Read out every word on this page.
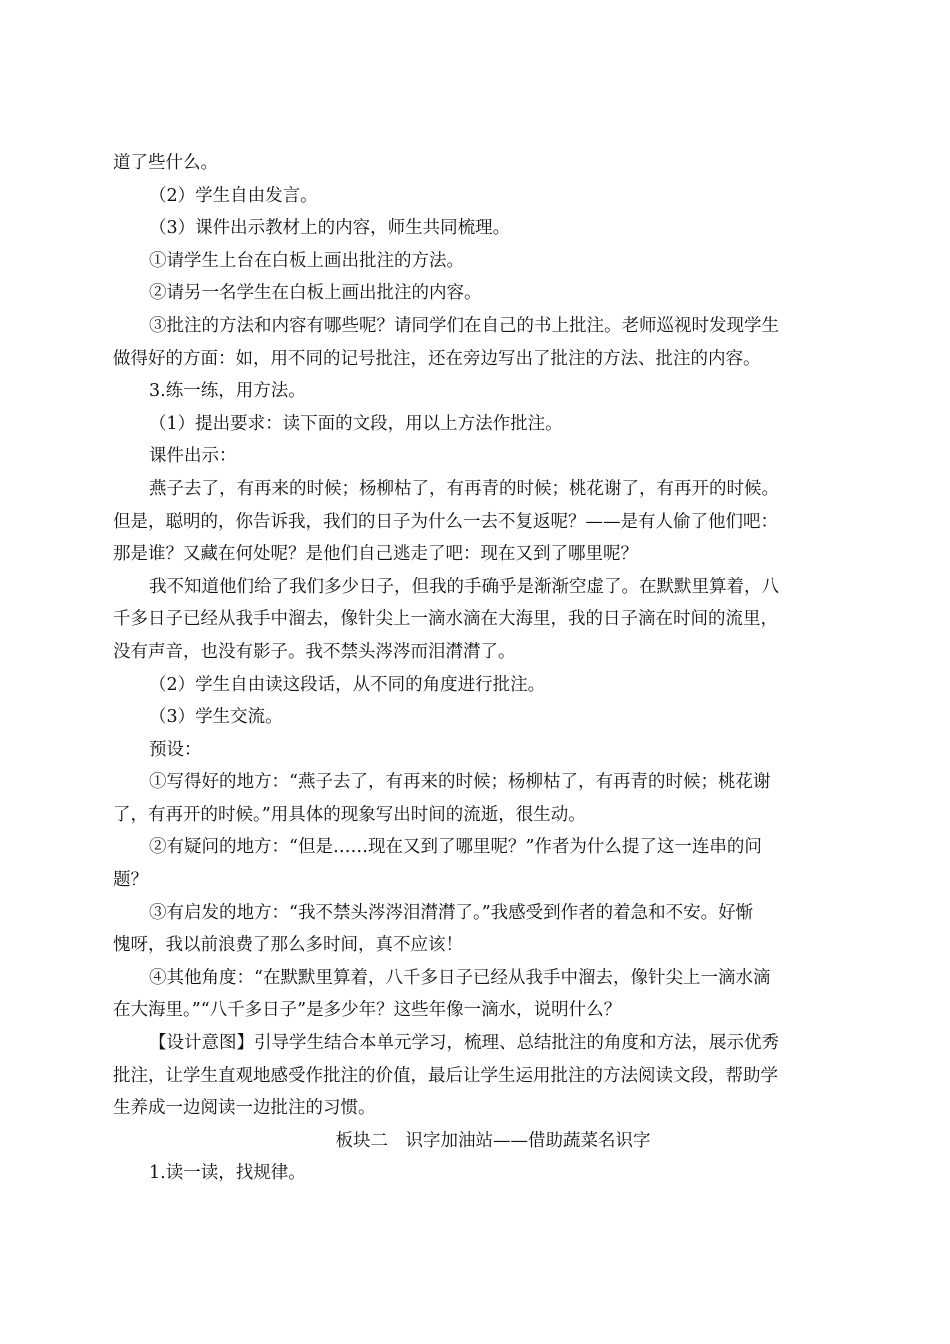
道了些什么。
（2）学生自由发言。
（3）课件出示教材上的内容，师生共同梳理。
①请学生上台在白板上画出批注的方法。
②请另一名学生在白板上画出批注的内容。
③批注的方法和内容有哪些呢？请同学们在自己的书上批注。老师巡视时发现学生
做得好的方面：如，用不同的记号批注，还在旁边写出了批注的方法、批注的内容。
3.练一练，用方法。
（1）提出要求：读下面的文段，用以上方法作批注。
课件出示：
燕子去了，有再来的时候；杨柳枯了，有再青的时候；桃花谢了，有再开的时候。
但是，聪明的，你告诉我，我们的日子为什么一去不复返呢？——是有人偷了他们吧：
那是谁？又藏在何处呢？是他们自己逃走了吧：现在又到了哪里呢？
我不知道他们给了我们多少日子，但我的手确乎是渐渐空虚了。在默默里算着，八
千多日子已经从我手中溜去，像针尖上一滴水滴在大海里，我的日子滴在时间的流里，
没有声音，也没有影子。我不禁头涔涔而泪潸潸了。
（2）学生自由读这段话，从不同的角度进行批注。
（3）学生交流。
预设：
①写得好的地方：“燕子去了，有再来的时候；杨柳枯了，有再青的时候；桃花谢
了，有再开的时候。”用具体的现象写出时间的流逝，很生动。
②有疑问的地方：“但是……现在又到了哪里呢？”作者为什么提了这一连串的问
题？
③有启发的地方：“我不禁头涔涔泪潸潸了。”我感受到作者的着急和不安。好惭
愧呀，我以前浪费了那么多时间，真不应该！
④其他角度：“在默默里算着，八千多日子已经从我手中溜去，像针尖上一滴水滴
在大海里。”“八千多日子”是多少年？这些年像一滴水，说明什么？
【设计意图】引导学生结合本单元学习，梳理、总结批注的角度和方法，展示优秀
批注，让学生直观地感受作批注的价值，最后让学生运用批注的方法阅读文段，帮助学
生养成一边阅读一边批注的习惯。
板块二　识字加油站——借助蔬菜名识字
1.读一读，找规律。
